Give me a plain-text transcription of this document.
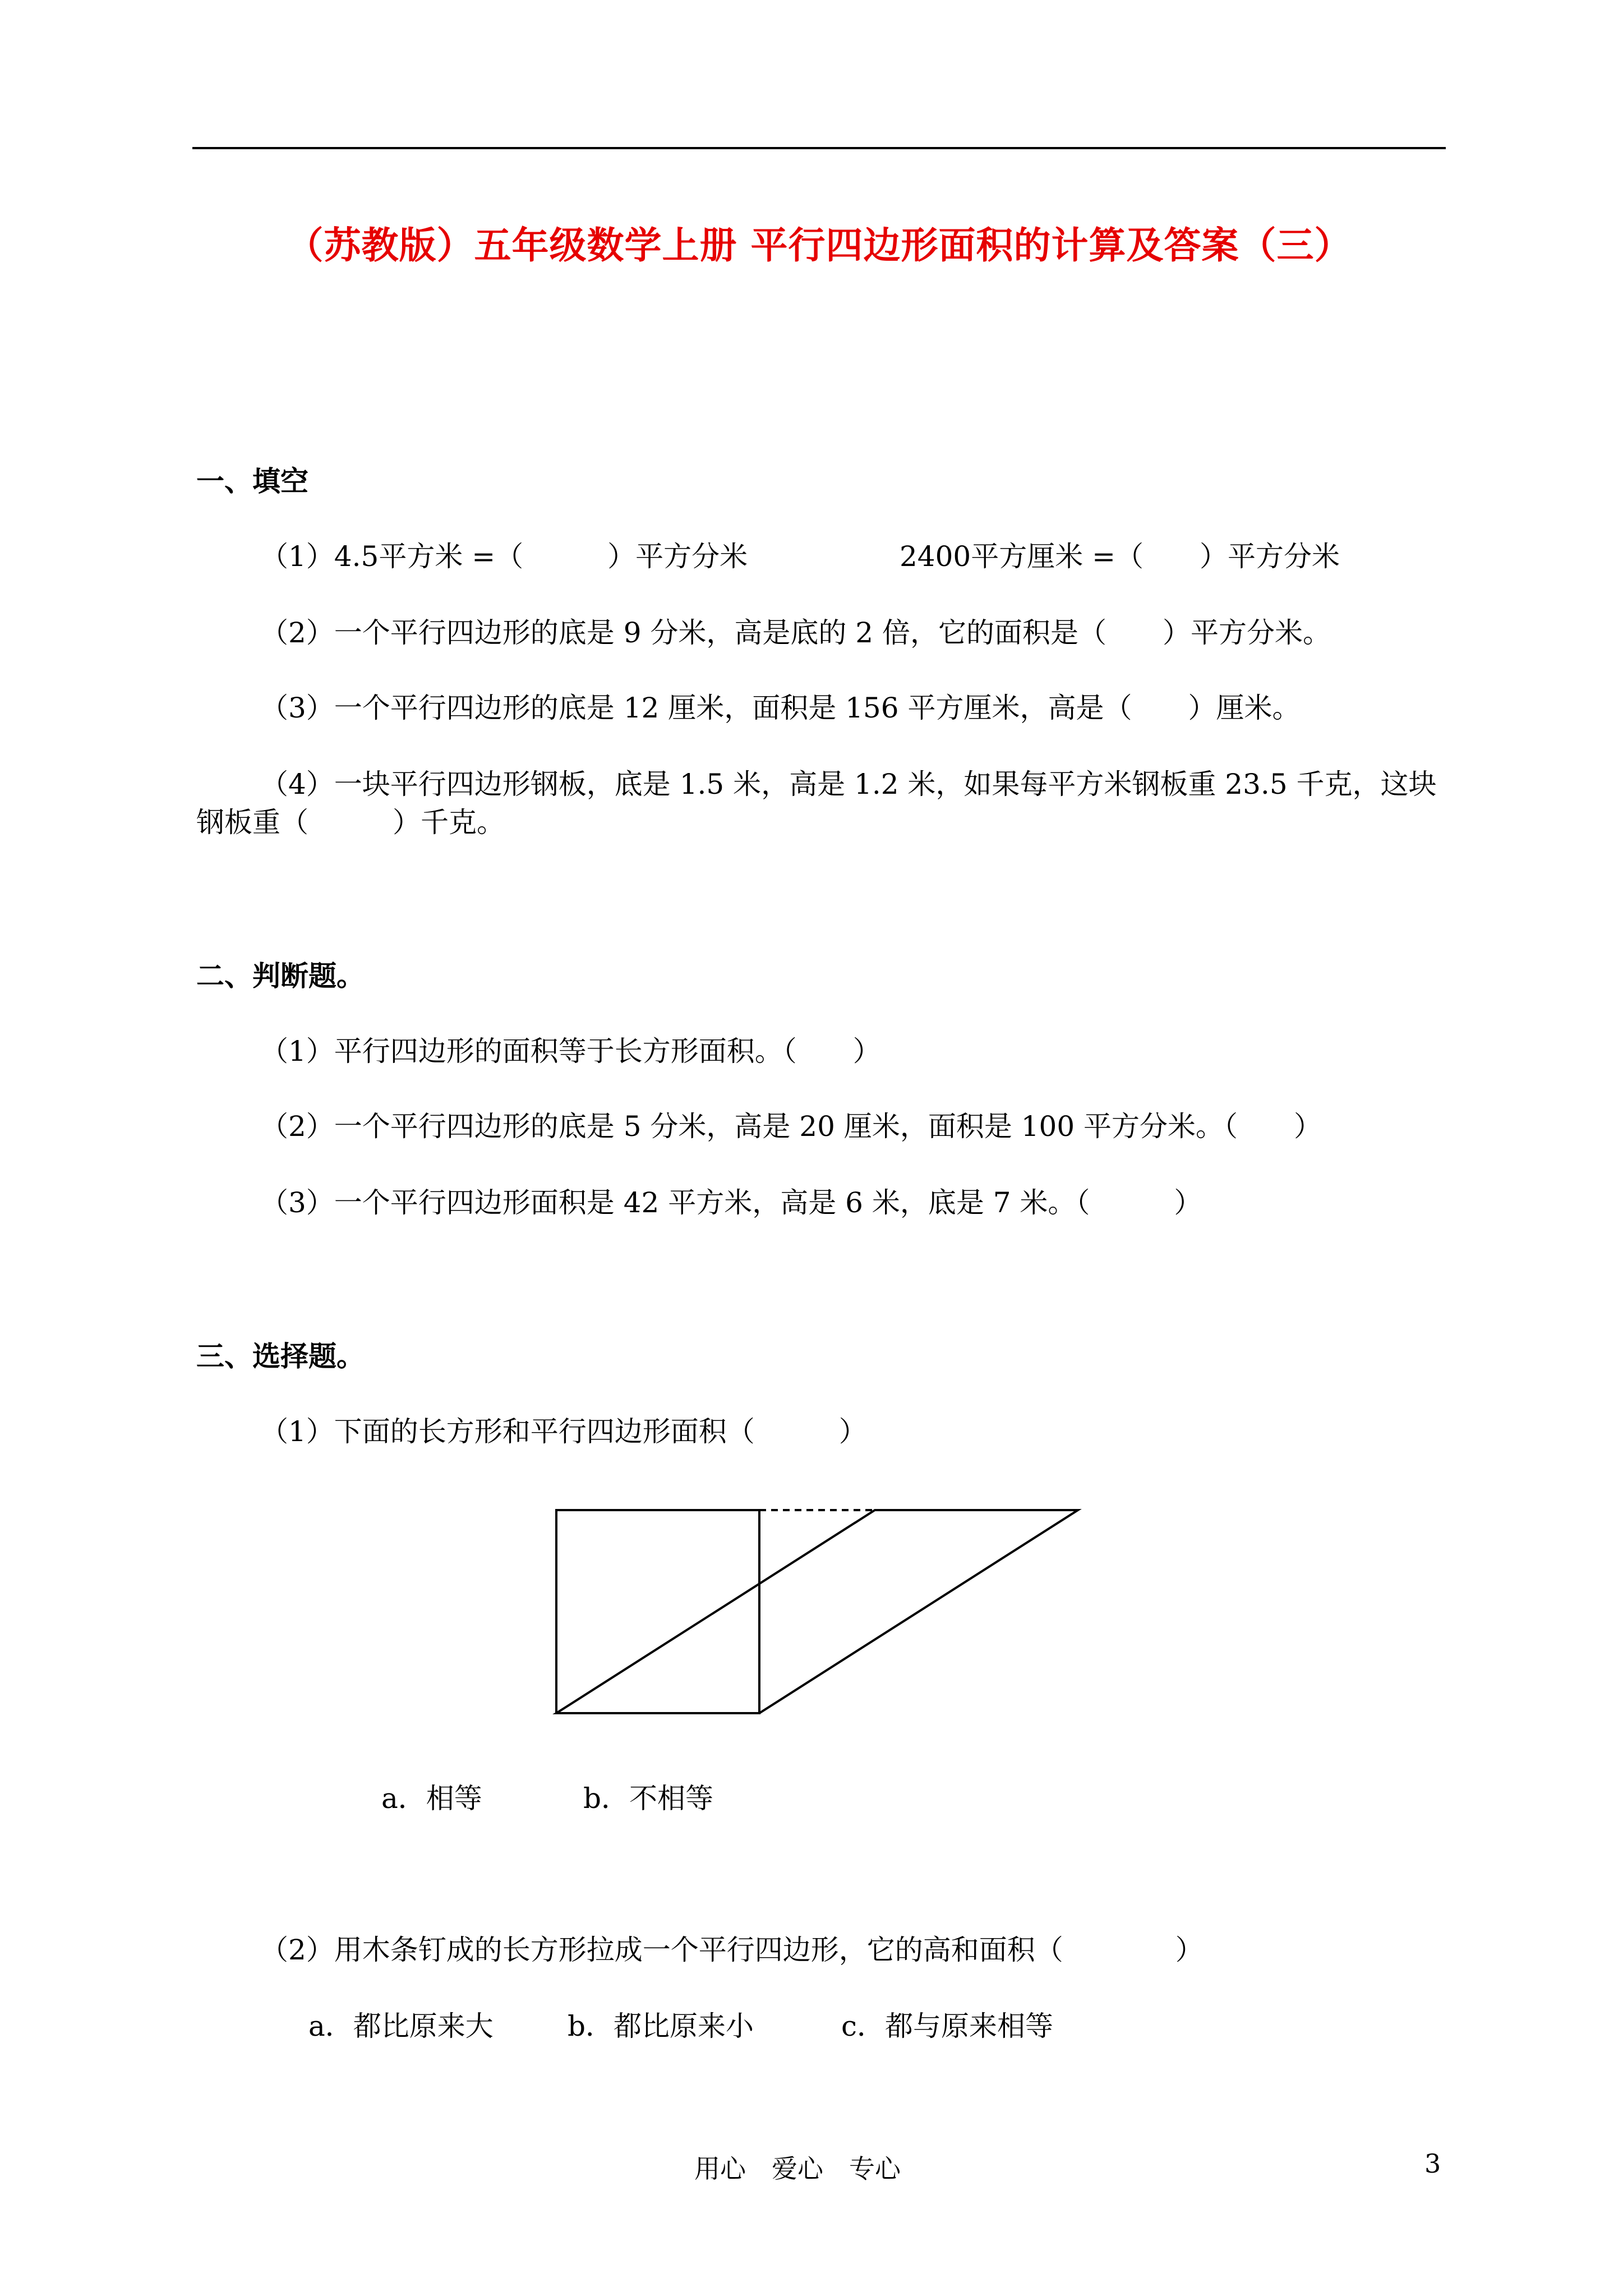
（苏教版）五年级数学上册 平行四边形面积的计算及答案（三）
一、填空
（1）4.5平方米 =（　　　）平方分米	2400平方厘米 =（　　）平方分米
（2）一个平行四边形的底是 9 分米，高是底的 2 倍，它的面积是（　　）平方分米。
（3）一个平行四边形的底是 12 厘米，面积是 156 平方厘米，高是（　　）厘米。
（4）一块平行四边形钢板，底是 1.5 米，高是 1.2 米，如果每平方米钢板重 23.5 千克，这块
钢板重（　　　）千克。
二、判断题。
（1）平行四边形的面积等于长方形面积。（　　）
（2）一个平行四边形的底是 5 分米，高是 20 厘米，面积是 100 平方分米。（　　）
（3）一个平行四边形面积是 42 平方米，高是 6 米，底是 7 米。（　　　）
三、选择题。
（1）下面的长方形和平行四边形面积（　　　）
a．相等	b．不相等
（2）用木条钉成的长方形拉成一个平行四边形，它的高和面积（　　　　）
a．都比原来大	b．都比原来小	c．都与原来相等
用心　爱心　专心	3
